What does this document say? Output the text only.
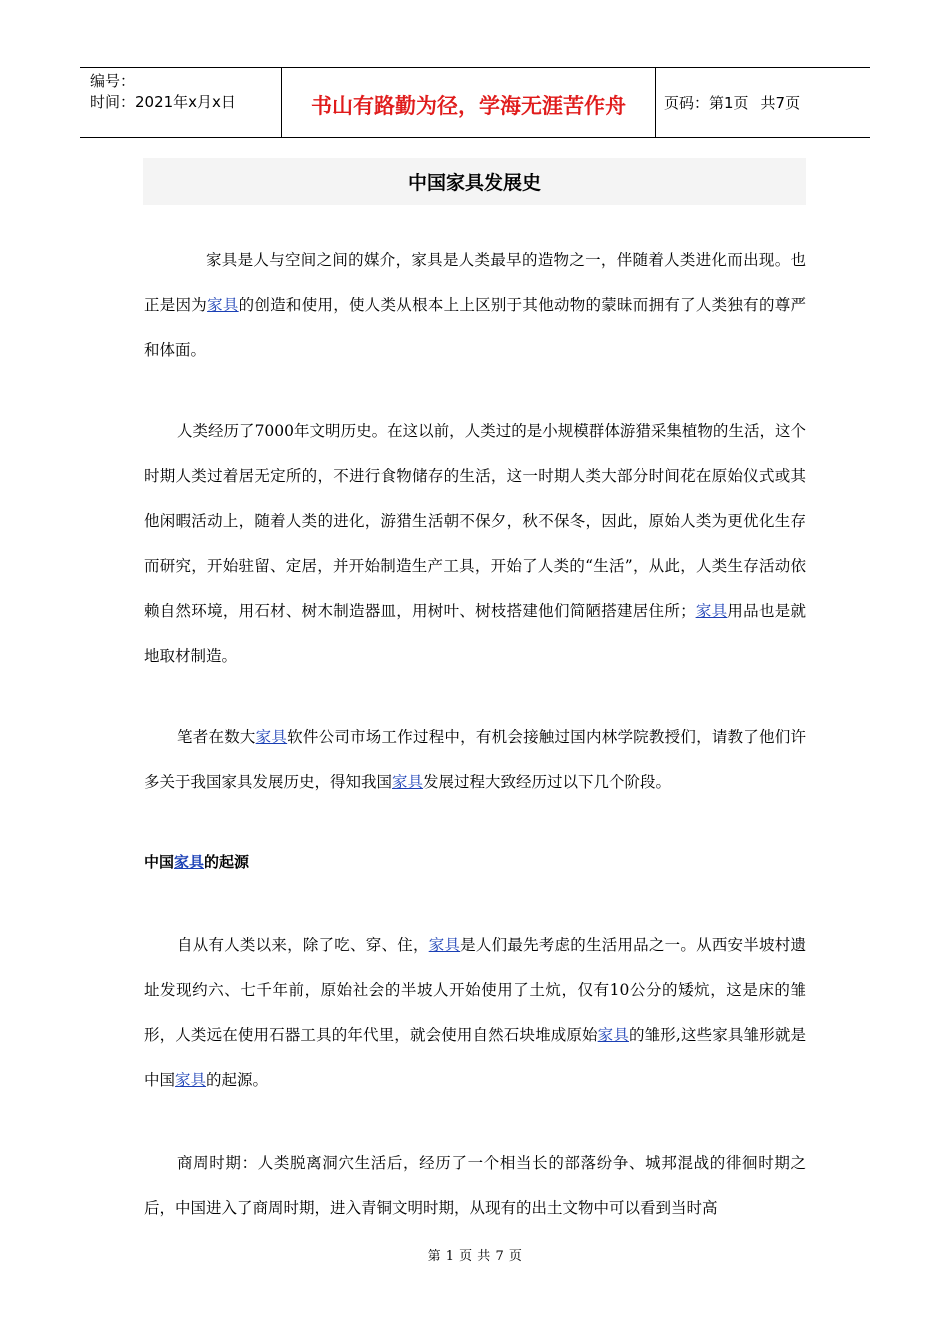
编号：
时间：2021年x月x日	书山有路勤为径，学海无涯苦作舟	页码：第1页 共7页
中国家具发展史

家具是人与空间之间的媒介，家具是人类最早的造物之一，伴随着人类进化而出现。也正是因为家具的创造和使用，使人类从根本上上区别于其他动物的蒙昧而拥有了人类独有的尊严和体面。

人类经历了7000年文明历史。在这以前，人类过的是小规模群体游猎采集植物的生活，这个时期人类过着居无定所的，不进行食物储存的生活，这一时期人类大部分时间花在原始仪式或其他闲暇活动上，随着人类的进化，游猎生活朝不保夕，秋不保冬，因此，原始人类为更优化生存而研究，开始驻留、定居，并开始制造生产工具，开始了人类的“生活”，从此，人类生存活动依赖自然环境，用石材、树木制造器皿，用树叶、树枝搭建他们简陋搭建居住所；家具用品也是就地取材制造。

笔者在数大家具软件公司市场工作过程中，有机会接触过国内林学院教授们，请教了他们许多关于我国家具发展历史，得知我国家具发展过程大致经历过以下几个阶段。

中国家具的起源

自从有人类以来，除了吃、穿、住，家具是人们最先考虑的生活用品之一。从西安半坡村遗址发现约六、七千年前，原始社会的半坡人开始使用了土炕，仅有10公分的矮炕，这是床的雏形，人类远在使用石器工具的年代里，就会使用自然石块堆成原始家具的雏形,这些家具雏形就是中国家具的起源。

商周时期：人类脱离洞穴生活后，经历了一个相当长的部落纷争、城邦混战的徘徊时期之后，中国进入了商周时期，进入青铜文明时期，从现有的出土文物中可以看到当时高

第 1 页 共 7 页
